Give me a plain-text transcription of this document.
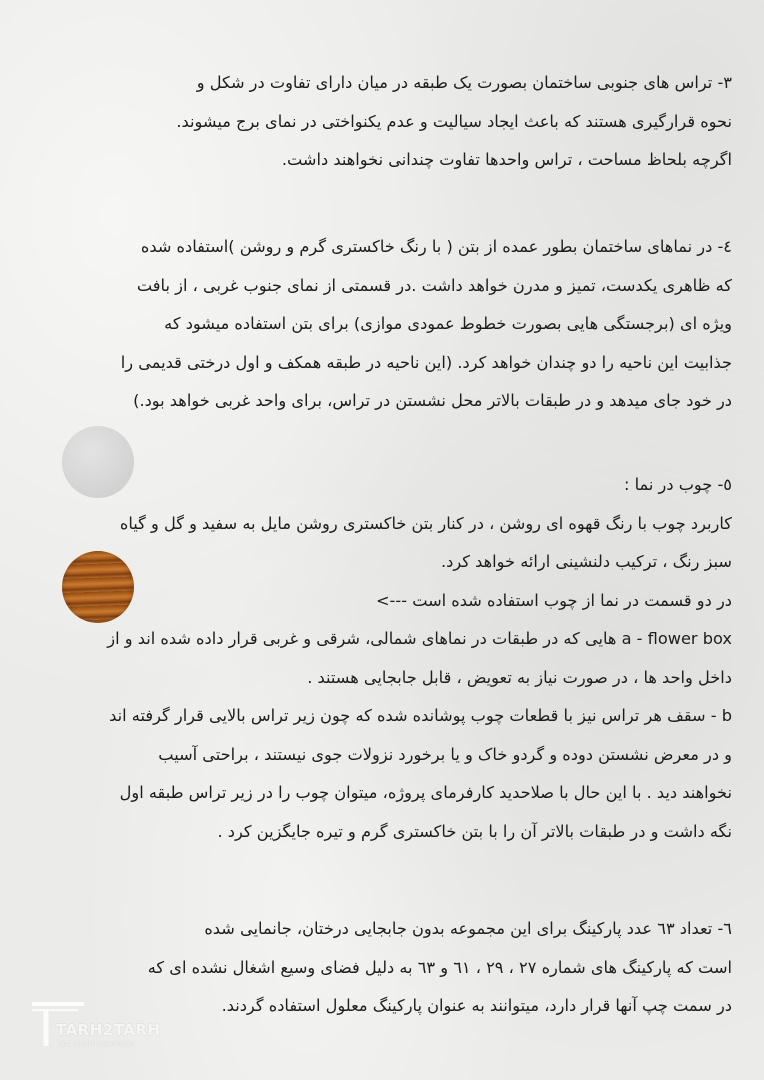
۳- تراس های جنوبی ساختمان بصورت یک طبقه در میان دارای تفاوت در شکل و
نحوه قرارگیری هستند که باعث ایجاد سیالیت و عدم یکنواختی در نمای برج میشوند.
اگرچه بلحاظ مساحت ، تراس واحدها تفاوت چندانی نخواهند داشت.

٤- در نماهای ساختمان بطور عمده از بتن ( با رنگ خاکستری گرم و روشن )استفاده شده
که ظاهری یکدست، تمیز و مدرن خواهد داشت .در قسمتی از نمای جنوب غربی ، از بافت
ویژه ای (برجستگی هایی بصورت خطوط عمودی موازی) برای بتن استفاده میشود که
جذابیت این ناحیه را دو چندان خواهد کرد. (این ناحیه در طبقه همکف و اول درختی قدیمی را
در خود جای میدهد و در طبقات بالاتر محل نشستن در تراس، برای واحد غربی خواهد بود.)

٥- چوب در نما :
کاربرد چوب با رنگ قهوه ای روشن ، در کنار بتن خاکستری روشن مایل به سفید و گل و گیاه
سبز رنگ ، ترکیب دلنشینی ارائه خواهد کرد.
در دو قسمت در نما از چوب استفاده شده است --->
a - flower box هایی که در طبقات در نماهای شمالی، شرقی و غربی قرار داده شده اند و از
داخل واحد ها ، در صورت نیاز به تعویض ، قابل جابجایی هستند .
b - سقف هر تراس نیز با قطعات چوب پوشانده شده که چون زیر تراس بالایی قرار گرفته اند
و در معرض نشستن دوده و گردو خاک و یا برخورد نزولات جوی نیستند ، براحتی آسیب
نخواهند دید . با این حال با صلاحدید کارفرمای پروژه، میتوان چوب را در زیر تراس طبقه اول
نگه داشت و در طبقات بالاتر آن را با بتن خاکستری گرم و تیره جایگزین کرد .

٦- تعداد ٦٣ عدد پارکینگ برای این مجموعه بدون جابجایی درختان، جانمایی شده
است که پارکینگ های شماره ۲۷ ، ۲۹ ، ٦١ و ٦٣ به دلیل فضای وسیع اشغال نشده ای که
در سمت چپ آنها قرار دارد، میتوانند به عنوان پارکینگ معلول استفاده گردند.

TARH2TARH
ALL RIGHT RESERVED
